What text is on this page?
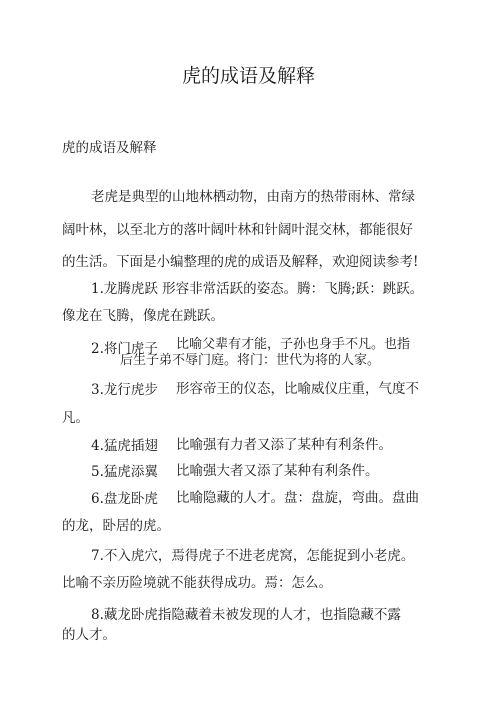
虎的成语及解释
虎的成语及解释
老虎是典型的山地林栖动物，由南方的热带雨林、常绿
阔叶林，以至北方的落叶阔叶林和针阔叶混交林，都能很好
的生活。下面是小编整理的虎的成语及解释，欢迎阅读参考!
1.龙腾虎跃 形容非常活跃的姿态。腾：飞腾;跃：跳跃。
像龙在飞腾，像虎在跳跃。
2.将门虎子 比喻父辈有才能，子孙也身手不凡。也指
后生子弟不辱门庭。将门：世代为将的人家。
3.龙行虎步 形容帝王的仪态，比喻威仪庄重，气度不
凡。
4.猛虎插翅 比喻强有力者又添了某种有利条件。
5.猛虎添翼 比喻强大者又添了某种有利条件。
6.盘龙卧虎 比喻隐藏的人才。盘：盘旋，弯曲。盘曲
的龙，卧居的虎。
7.不入虎穴，焉得虎子不进老虎窝，怎能捉到小老虎。
比喻不亲历险境就不能获得成功。焉：怎么。
8.藏龙卧虎指隐藏着未被发现的人才，也指隐藏不露
的人才。
